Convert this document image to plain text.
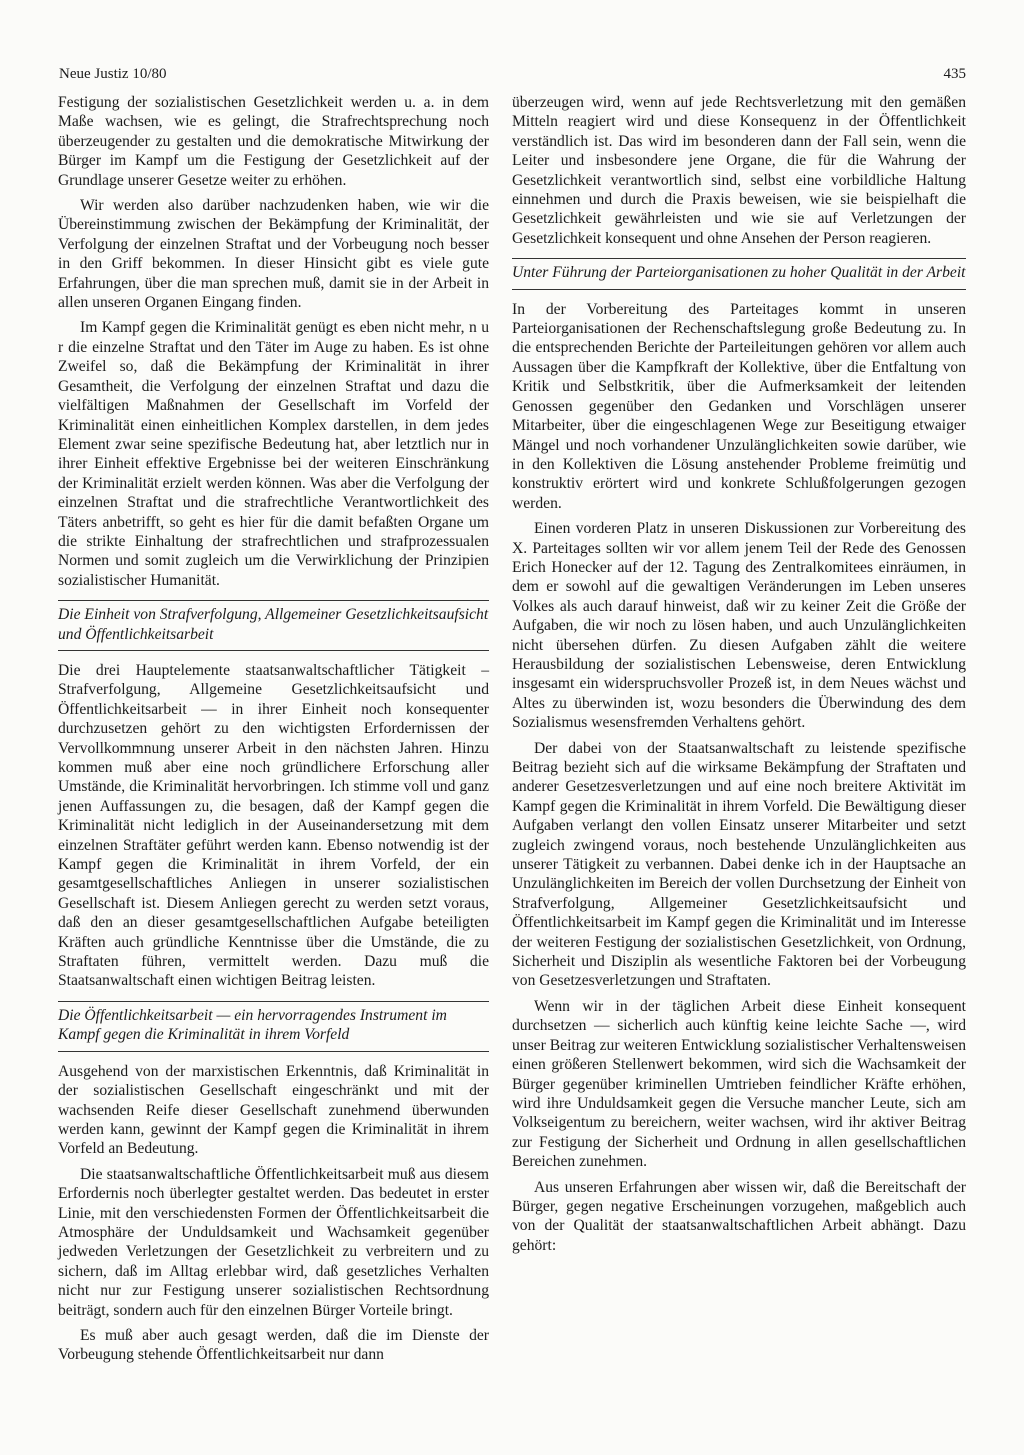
Neue Justiz 10/80	435

Festigung der sozialistischen Gesetzlichkeit werden u. a. in dem Maße wachsen, wie es gelingt, die Strafrechtsprechung noch überzeugender zu gestalten und die demokratische Mitwirkung der Bürger im Kampf um die Festigung der Gesetzlichkeit auf der Grundlage unserer Gesetze weiter zu erhöhen.

Wir werden also darüber nachzudenken haben, wie wir die Übereinstimmung zwischen der Bekämpfung der Kriminalität, der Verfolgung der einzelnen Straftat und der Vorbeugung noch besser in den Griff bekommen. In dieser Hinsicht gibt es viele gute Erfahrungen, über die man sprechen muß, damit sie in der Arbeit in allen unseren Organen Eingang finden.

Im Kampf gegen die Kriminalität genügt es eben nicht mehr, n u r die einzelne Straftat und den Täter im Auge zu haben. Es ist ohne Zweifel so, daß die Bekämpfung der Kriminalität in ihrer Gesamtheit, die Verfolgung der einzelnen Straftat und dazu die vielfältigen Maßnahmen der Gesellschaft im Vorfeld der Kriminalität einen einheitlichen Komplex darstellen, in dem jedes Element zwar seine spezifische Bedeutung hat, aber letztlich nur in ihrer Einheit effektive Ergebnisse bei der weiteren Einschränkung der Kriminalität erzielt werden können. Was aber die Verfolgung der einzelnen Straftat und die strafrechtliche Verantwortlichkeit des Täters anbetrifft, so geht es hier für die damit befaßten Organe um die strikte Einhaltung der strafrechtlichen und strafprozessualen Normen und somit zugleich um die Verwirklichung der Prinzipien sozialistischer Humanität.

Die Einheit von Strafverfolgung, Allgemeiner Gesetzlichkeitsaufsicht und Öffentlichkeitsarbeit

Die drei Hauptelemente staatsanwaltschaftlicher Tätigkeit – Strafverfolgung, Allgemeine Gesetzlichkeitsaufsicht und Öffentlichkeitsarbeit — in ihrer Einheit noch konsequenter durchzusetzen gehört zu den wichtigsten Erfordernissen der Vervollkommnung unserer Arbeit in den nächsten Jahren. Hinzu kommen muß aber eine noch gründlichere Erforschung aller Umstände, die Kriminalität hervorbringen. Ich stimme voll und ganz jenen Auffassungen zu, die besagen, daß der Kampf gegen die Kriminalität nicht lediglich in der Auseinandersetzung mit dem einzelnen Straftäter geführt werden kann. Ebenso notwendig ist der Kampf gegen die Kriminalität in ihrem Vorfeld, der ein gesamtgesellschaftliches Anliegen in unserer sozialistischen Gesellschaft ist. Diesem Anliegen gerecht zu werden setzt voraus, daß den an dieser gesamtgesellschaftlichen Aufgabe beteiligten Kräften auch gründliche Kenntnisse über die Umstände, die zu Straftaten führen, vermittelt werden. Dazu muß die Staatsanwaltschaft einen wichtigen Beitrag leisten.

Die Öffentlichkeitsarbeit — ein hervorragendes Instrument im Kampf gegen die Kriminalität in ihrem Vorfeld

Ausgehend von der marxistischen Erkenntnis, daß Kriminalität in der sozialistischen Gesellschaft eingeschränkt und mit der wachsenden Reife dieser Gesellschaft zunehmend überwunden werden kann, gewinnt der Kampf gegen die Kriminalität in ihrem Vorfeld an Bedeutung.

Die staatsanwaltschaftliche Öffentlichkeitsarbeit muß aus diesem Erfordernis noch überlegter gestaltet werden. Das bedeutet in erster Linie, mit den verschiedensten Formen der Öffentlichkeitsarbeit die Atmosphäre der Unduldsamkeit und Wachsamkeit gegenüber jedweden Verletzungen der Gesetzlichkeit zu verbreitern und zu sichern, daß im Alltag erlebbar wird, daß gesetzliches Verhalten nicht nur zur Festigung unserer sozialistischen Rechtsordnung beiträgt, sondern auch für den einzelnen Bürger Vorteile bringt.

Es muß aber auch gesagt werden, daß die im Dienste der Vorbeugung stehende Öffentlichkeitsarbeit nur dann

überzeugen wird, wenn auf jede Rechtsverletzung mit den gemäßen Mitteln reagiert wird und diese Konsequenz in der Öffentlichkeit verständlich ist. Das wird im besonderen dann der Fall sein, wenn die Leiter und insbesondere jene Organe, die für die Wahrung der Gesetzlichkeit verantwortlich sind, selbst eine vorbildliche Haltung einnehmen und durch die Praxis beweisen, wie sie beispielhaft die Gesetzlichkeit gewährleisten und wie sie auf Verletzungen der Gesetzlichkeit konsequent und ohne Ansehen der Person reagieren.

Unter Führung der Parteiorganisationen zu hoher Qualität in der Arbeit

In der Vorbereitung des Parteitages kommt in unseren Parteiorganisationen der Rechenschaftslegung große Bedeutung zu. In die entsprechenden Berichte der Parteileitungen gehören vor allem auch Aussagen über die Kampfkraft der Kollektive, über die Entfaltung von Kritik und Selbstkritik, über die Aufmerksamkeit der leitenden Genossen gegenüber den Gedanken und Vorschlägen unserer Mitarbeiter, über die eingeschlagenen Wege zur Beseitigung etwaiger Mängel und noch vorhandener Unzulänglichkeiten sowie darüber, wie in den Kollektiven die Lösung anstehender Probleme freimütig und konstruktiv erörtert wird und konkrete Schlußfolgerungen gezogen werden.

Einen vorderen Platz in unseren Diskussionen zur Vorbereitung des X. Parteitages sollten wir vor allem jenem Teil der Rede des Genossen Erich Honecker auf der 12. Tagung des Zentralkomitees einräumen, in dem er sowohl auf die gewaltigen Veränderungen im Leben unseres Volkes als auch darauf hinweist, daß wir zu keiner Zeit die Größe der Aufgaben, die wir noch zu lösen haben, und auch Unzulänglichkeiten nicht übersehen dürfen. Zu diesen Aufgaben zählt die weitere Herausbildung der sozialistischen Lebensweise, deren Entwicklung insgesamt ein widerspruchsvoller Prozeß ist, in dem Neues wächst und Altes zu überwinden ist, wozu besonders die Überwindung des dem Sozialismus wesensfremden Verhaltens gehört.

Der dabei von der Staatsanwaltschaft zu leistende spezifische Beitrag bezieht sich auf die wirksame Bekämpfung der Straftaten und anderer Gesetzesverletzungen und auf eine noch breitere Aktivität im Kampf gegen die Kriminalität in ihrem Vorfeld. Die Bewältigung dieser Aufgaben verlangt den vollen Einsatz unserer Mitarbeiter und setzt zugleich zwingend voraus, noch bestehende Unzulänglichkeiten aus unserer Tätigkeit zu verbannen. Dabei denke ich in der Hauptsache an Unzulänglichkeiten im Bereich der vollen Durchsetzung der Einheit von Strafverfolgung, Allgemeiner Gesetzlichkeitsaufsicht und Öffentlichkeitsarbeit im Kampf gegen die Kriminalität und im Interesse der weiteren Festigung der sozialistischen Gesetzlichkeit, von Ordnung, Sicherheit und Disziplin als wesentliche Faktoren bei der Vorbeugung von Gesetzesverletzungen und Straftaten.

Wenn wir in der täglichen Arbeit diese Einheit konsequent durchsetzen — sicherlich auch künftig keine leichte Sache —, wird unser Beitrag zur weiteren Entwicklung sozialistischer Verhaltensweisen einen größeren Stellenwert bekommen, wird sich die Wachsamkeit der Bürger gegenüber kriminellen Umtrieben feindlicher Kräfte erhöhen, wird ihre Unduldsamkeit gegen die Versuche mancher Leute, sich am Volkseigentum zu bereichern, weiter wachsen, wird ihr aktiver Beitrag zur Festigung der Sicherheit und Ordnung in allen gesellschaftlichen Bereichen zunehmen.

Aus unseren Erfahrungen aber wissen wir, daß die Bereitschaft der Bürger, gegen negative Erscheinungen vorzugehen, maßgeblich auch von der Qualität der staatsanwaltschaftlichen Arbeit abhängt. Dazu gehört:
